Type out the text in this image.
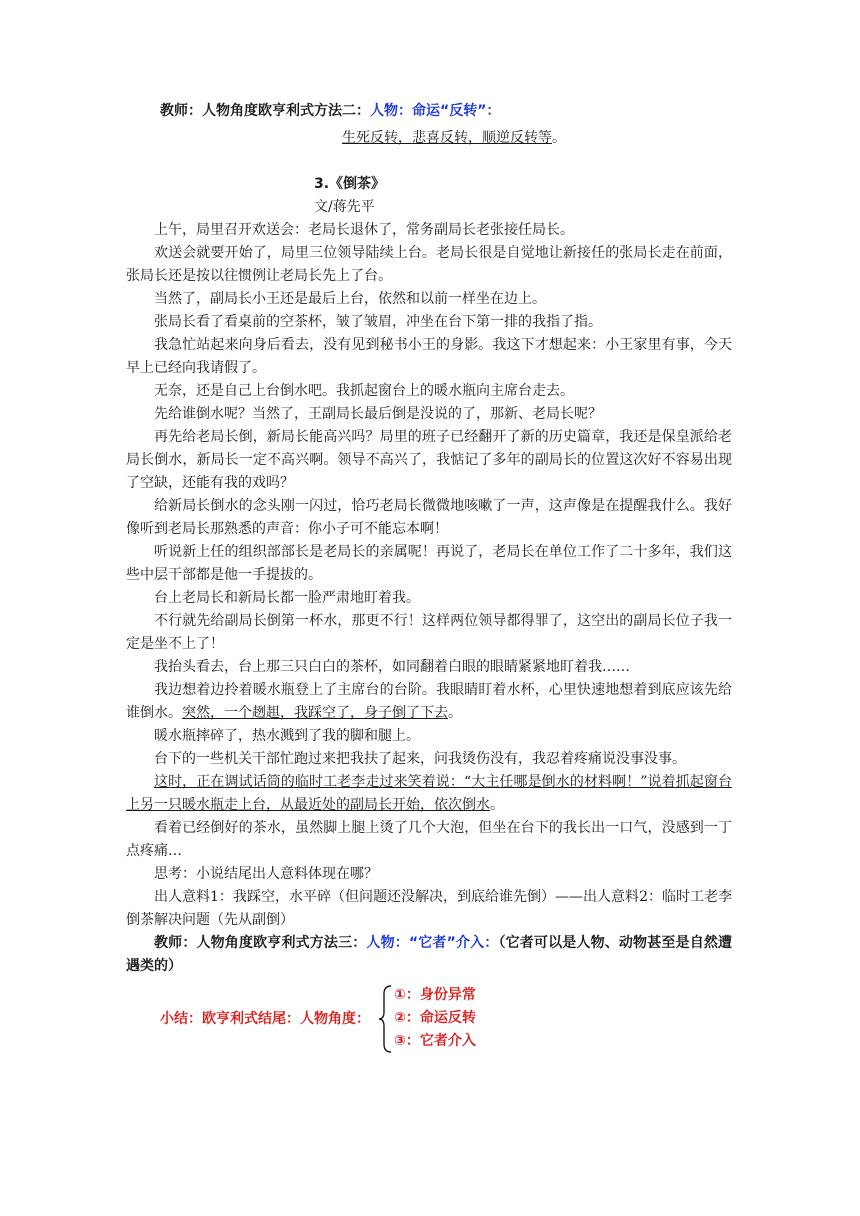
教师：人物角度欧亨利式方法二：人物：命运“反转”：

生死反转，悲喜反转，顺逆反转等。

3.《倒茶》

文/蒋先平

上午，局里召开欢送会：老局长退休了，常务副局长老张接任局长。

欢送会就要开始了，局里三位领导陆续上台。老局长很是自觉地让新接任的张局长走在前面，张局长还是按以往惯例让老局长先上了台。

当然了，副局长小王还是最后上台，依然和以前一样坐在边上。

张局长看了看桌前的空茶杯，皱了皱眉，冲坐在台下第一排的我指了指。

我急忙站起来向身后看去，没有见到秘书小王的身影。我这下才想起来：小王家里有事，今天早上已经向我请假了。

无奈，还是自己上台倒水吧。我抓起窗台上的暖水瓶向主席台走去。

先给谁倒水呢？当然了，王副局长最后倒是没说的了，那新、老局长呢？

再先给老局长倒，新局长能高兴吗？局里的班子已经翻开了新的历史篇章，我还是保皇派给老局长倒水，新局长一定不高兴啊。领导不高兴了，我惦记了多年的副局长的位置这次好不容易出现了空缺，还能有我的戏吗？

给新局长倒水的念头刚一闪过，恰巧老局长微微地咳嗽了一声，这声像是在提醒我什么。我好像听到老局长那熟悉的声音：你小子可不能忘本啊！

听说新上任的组织部部长是老局长的亲属呢！再说了，老局长在单位工作了二十多年，我们这些中层干部都是他一手提拔的。

台上老局长和新局长都一脸严肃地盯着我。

不行就先给副局长倒第一杯水，那更不行！这样两位领导都得罪了，这空出的副局长位子我一定是坐不上了！

我抬头看去，台上那三只白白的茶杯，如同翻着白眼的眼睛紧紧地盯着我……

我边想着边拎着暖水瓶登上了主席台的台阶。我眼睛盯着水杯，心里快速地想着到底应该先给谁倒水。突然，一个趔趄，我踩空了，身子倒了下去。

暖水瓶摔碎了，热水溅到了我的脚和腿上。

台下的一些机关干部忙跑过来把我扶了起来，问我烫伤没有，我忍着疼痛说没事没事。

这时，正在调试话筒的临时工老李走过来笑着说：“大主任哪是倒水的材料啊！”说着抓起窗台上另一只暖水瓶走上台，从最近处的副局长开始，依次倒水。

看着已经倒好的茶水，虽然脚上腿上烫了几个大泡，但坐在台下的我长出一口气，没感到一丁点疼痛…

思考：小说结尾出人意料体现在哪？

出人意料1：我踩空，水平碎（但问题还没解决，到底给谁先倒）——出人意料2：临时工老李倒茶解决问题（先从副倒）

教师：人物角度欧亨利式方法三：人物：“它者”介入：（它者可以是人物、动物甚至是自然遭遇类的）

小结：欧亨利式结尾：人物角度：

①：身份异常

②：命运反转

③：它者介入
